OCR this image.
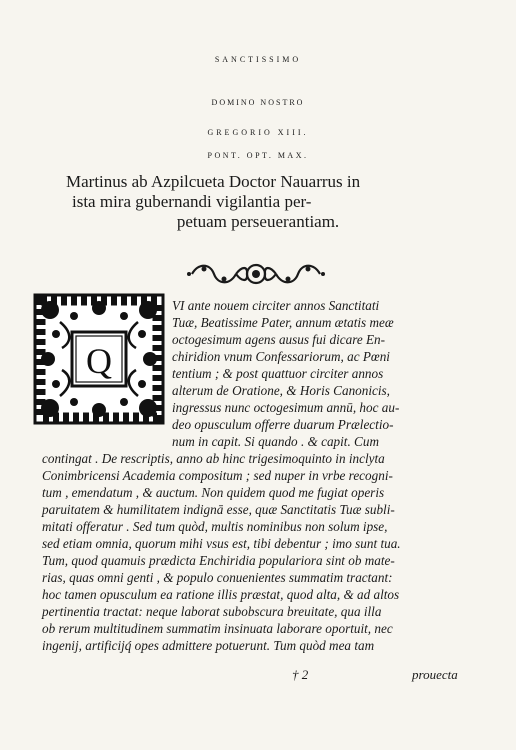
SANCTISSIMO
DOMINO NOSTRO
GREGORIO XIII.
PONT. OPT. MAX.
Martinus ab Azpilcueta Doctor Nauarrus in
ista mira gubernandi vigilantia per-
petuam perseuerantiam.
Q
VI ante nouem circiter annos Sanctitati
Tuæ, Beatissime Pater, annum ætatis meæ
octogesimum agens ausus fui dicare En-
chiridion vnum Confessariorum, ac Pœni
tentium ; & post quattuor circiter annos
alterum de Oratione, & Horis Canonicis,
ingressus nunc octogesimum annū, hoc au-
deo opusculum offerre duarum Prælectio-
num in capit. Si quando . & capit. Cum
contingat . De rescriptis, anno ab hinc trigesimoquinto in inclyta
Conimbricensi Academia compositum ; sed nuper in vrbe recogni-
tum , emendatum , & auctum. Non quidem quod me fugiat operis
paruitatem & humilitatem indignā esse, quæ Sanctitatis Tuæ subli-
mitati offeratur . Sed tum quòd, multis nominibus non solum ipse,
sed etiam omnia, quorum mihi vsus est, tibi debentur ; imo sunt tua.
Tum, quod quamuis prædicta Enchiridia populariora sint ob mate-
rias, quas omni genti , & populo conuenientes summatim tractant:
hoc tamen opusculum ea ratione illis præstat, quod alta, & ad altos
pertinentia tractat: neque laborat subobscura breuitate, qua illa
ob rerum multitudinem summatim insinuata laborare oportuit, nec
ingenij, artificijq́ opes admittere potuerunt. Tum quòd mea tam
† 2	prouecta
